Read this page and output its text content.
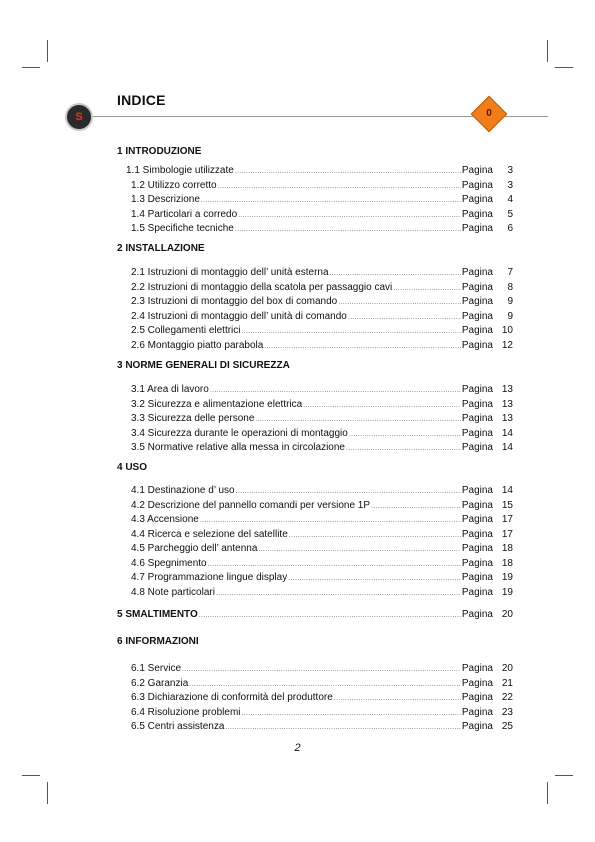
S
INDICE
0
1 INTRODUZIONE
1.1 Simbologie utilizzate .....	Pagina	3
1.2 Utilizzo corretto .....	Pagina	3
1.3 Descrizione .....	Pagina	4
1.4 Particolari a corredo .....	Pagina	5
1.5 Specifiche tecniche .....	Pagina	6
2 INSTALLAZIONE
2.1 Istruzioni di montaggio dell’ unità esterna .....	Pagina	7
2.2 Istruzioni di montaggio della scatola per passaggio cavi .....	Pagina	8
2.3 Istruzioni di montaggio del box di comando .....	Pagina	9
2.4 Istruzioni di montaggio dell’ unità di comando .....	Pagina	9
2.5 Collegamenti elettrici .....	Pagina 10
2.6 Montaggio piatto parabola .....	Pagina 12
3 NORME GENERALI DI SICUREZZA
3.1 Area di lavoro .....	Pagina 13
3.2 Sicurezza e alimentazione elettrica .....	Pagina 13
3.3 Sicurezza delle persone .....	Pagina 13
3.4 Sicurezza durante le operazioni di montaggio .....	Pagina 14
3.5 Normative relative alla messa in circolazione .....	Pagina 14
4 USO
4.1 Destinazione d’ uso .....	Pagina 14
4.2 Descrizione del pannello comandi per versione 1P .....	Pagina 15
4.3 Accensione .....	Pagina 17
4.4 Ricerca e selezione del satellite .....	Pagina 17
4.5 Parcheggio dell’ antenna .....	Pagina 18
4.6 Spegnimento .....	Pagina 18
4.7 Programmazione lingue display .....	Pagina 19
4.8 Note particolari .....	Pagina 19
5 SMALTIMENTO .....	Pagina 20
6 INFORMAZIONI
6.1 Service .....	Pagina 20
6.2 Garanzia .....	Pagina 21
6.3 Dichiarazione di conformità del produttore .....	Pagina 22
6.4 Risoluzione problemi .....	Pagina 23
6.5 Centri assistenza .....	Pagina 25
2
